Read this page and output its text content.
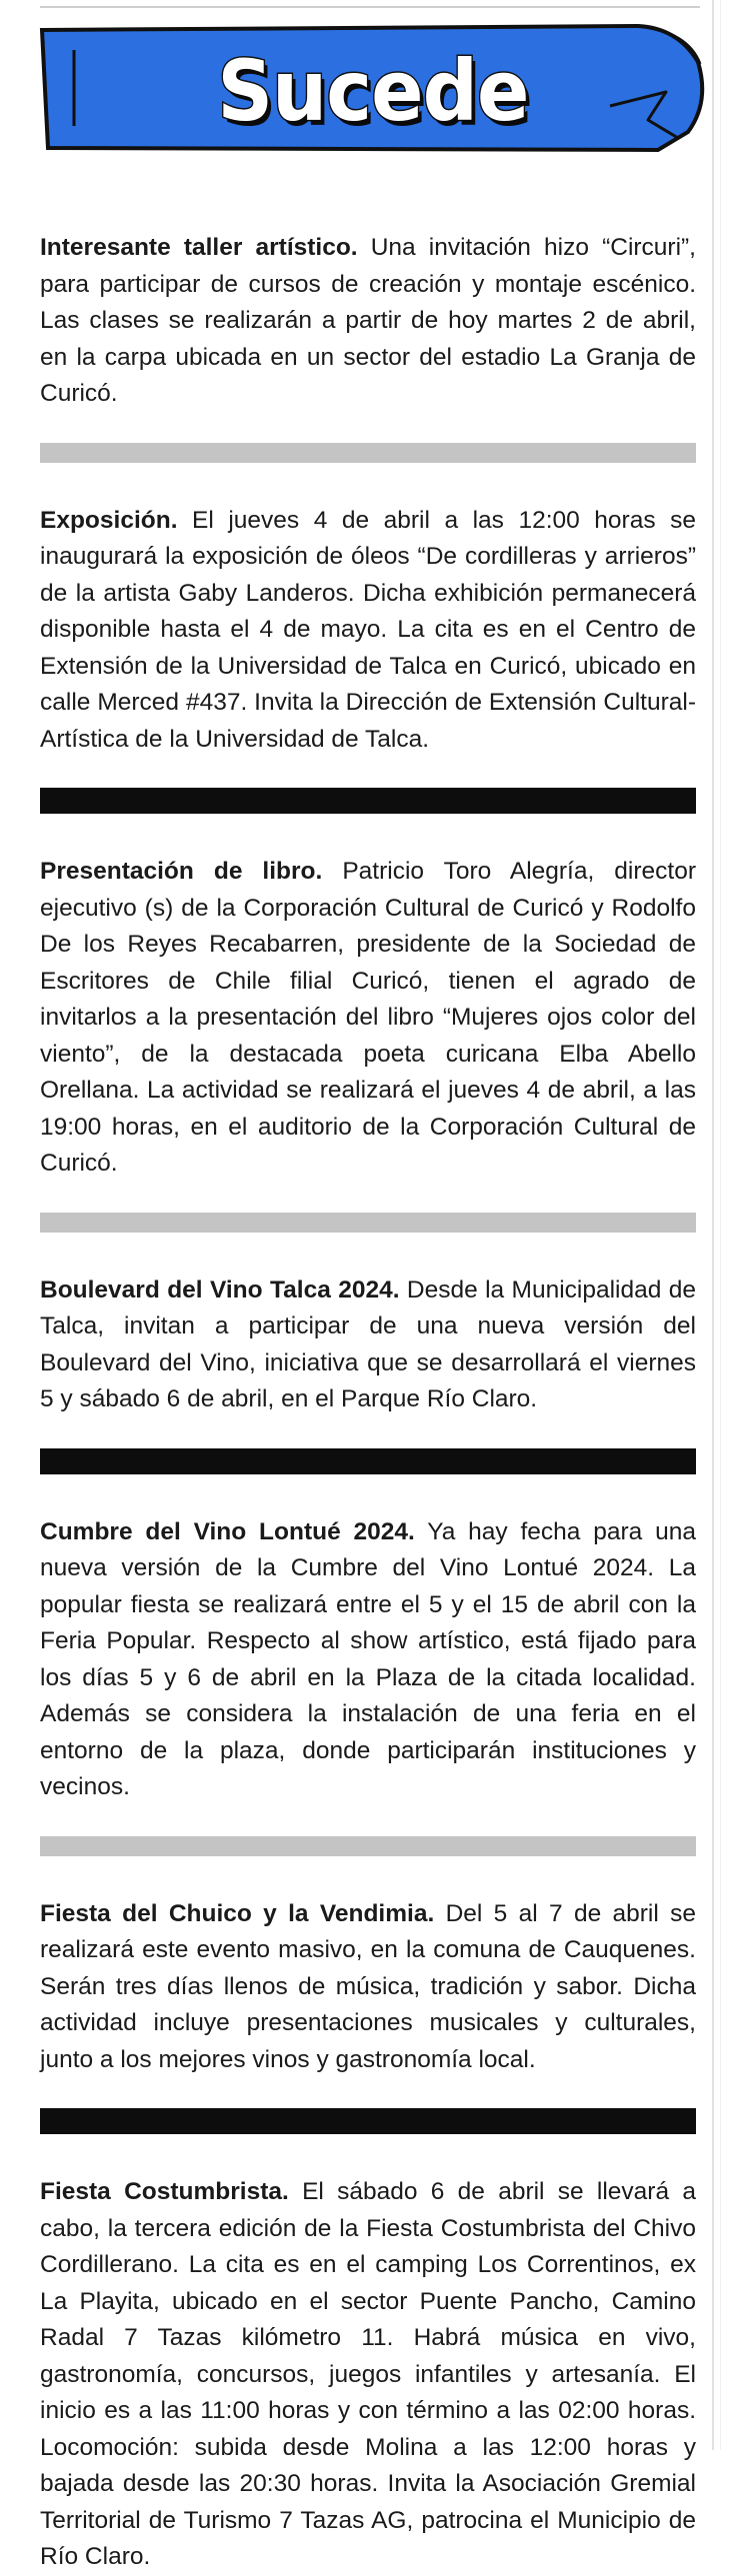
Sucede

Interesante taller artístico. Una invitación hizo “Circuri”, para participar de cursos de creación y montaje escénico. Las clases se realizarán a partir de hoy martes 2 de abril, en la carpa ubicada en un sector del estadio La Granja de Curicó.

Exposición. El jueves 4 de abril a las 12:00 horas se inaugurará la exposición de óleos “De cordilleras y arrieros” de la artista Gaby Landeros. Dicha exhibición permanecerá disponible hasta el 4 de mayo. La cita es en el Centro de Extensión de la Universidad de Talca en Curicó, ubicado en calle Merced #437. Invita la Dirección de Extensión Cultural-Artística de la Universidad de Talca.

Presentación de libro. Patricio Toro Alegría, director ejecutivo (s) de la Corporación Cultural de Curicó y Rodolfo De los Reyes Recabarren, presidente de la Sociedad de Escritores de Chile filial Curicó, tienen el agrado de invitarlos a la presentación del libro “Mujeres ojos color del viento”, de la destacada poeta curicana Elba Abello Orellana. La actividad se realizará el jueves 4 de abril, a las 19:00 horas, en el auditorio de la Corporación Cultural de Curicó.

Boulevard del Vino Talca 2024. Desde la Municipalidad de Talca, invitan a participar de una nueva versión del Boulevard del Vino, iniciativa que se desarrollará el viernes 5 y sábado 6 de abril, en el Parque Río Claro.

Cumbre del Vino Lontué 2024. Ya hay fecha para una nueva versión de la Cumbre del Vino Lontué 2024. La popular fiesta se realizará entre el 5 y el 15 de abril con la Feria Popular. Respecto al show artístico, está fijado para los días 5 y 6 de abril en la Plaza de la citada localidad. Además se considera la instalación de una feria en el entorno de la plaza, donde participarán instituciones y vecinos.

Fiesta del Chuico y la Vendimia. Del 5 al 7 de abril se realizará este evento masivo, en la comuna de Cauquenes. Serán tres días llenos de música, tradición y sabor. Dicha actividad incluye presentaciones musicales y culturales, junto a los mejores vinos y gastronomía local.

Fiesta Costumbrista. El sábado 6 de abril se llevará a cabo, la tercera edición de la Fiesta Costumbrista del Chivo Cordillerano. La cita es en el camping Los Correntinos, ex La Playita, ubicado en el sector Puente Pancho, Camino Radal 7 Tazas kilómetro 11. Habrá música en vivo, gastronomía, concursos, juegos infantiles y artesanía. El inicio es a las 11:00 horas y con término a las 02:00 horas. Locomoción: subida desde Molina a las 12:00 horas y bajada desde las 20:30 horas. Invita la Asociación Gremial Territorial de Turismo 7 Tazas AG, patrocina el Municipio de Río Claro.
